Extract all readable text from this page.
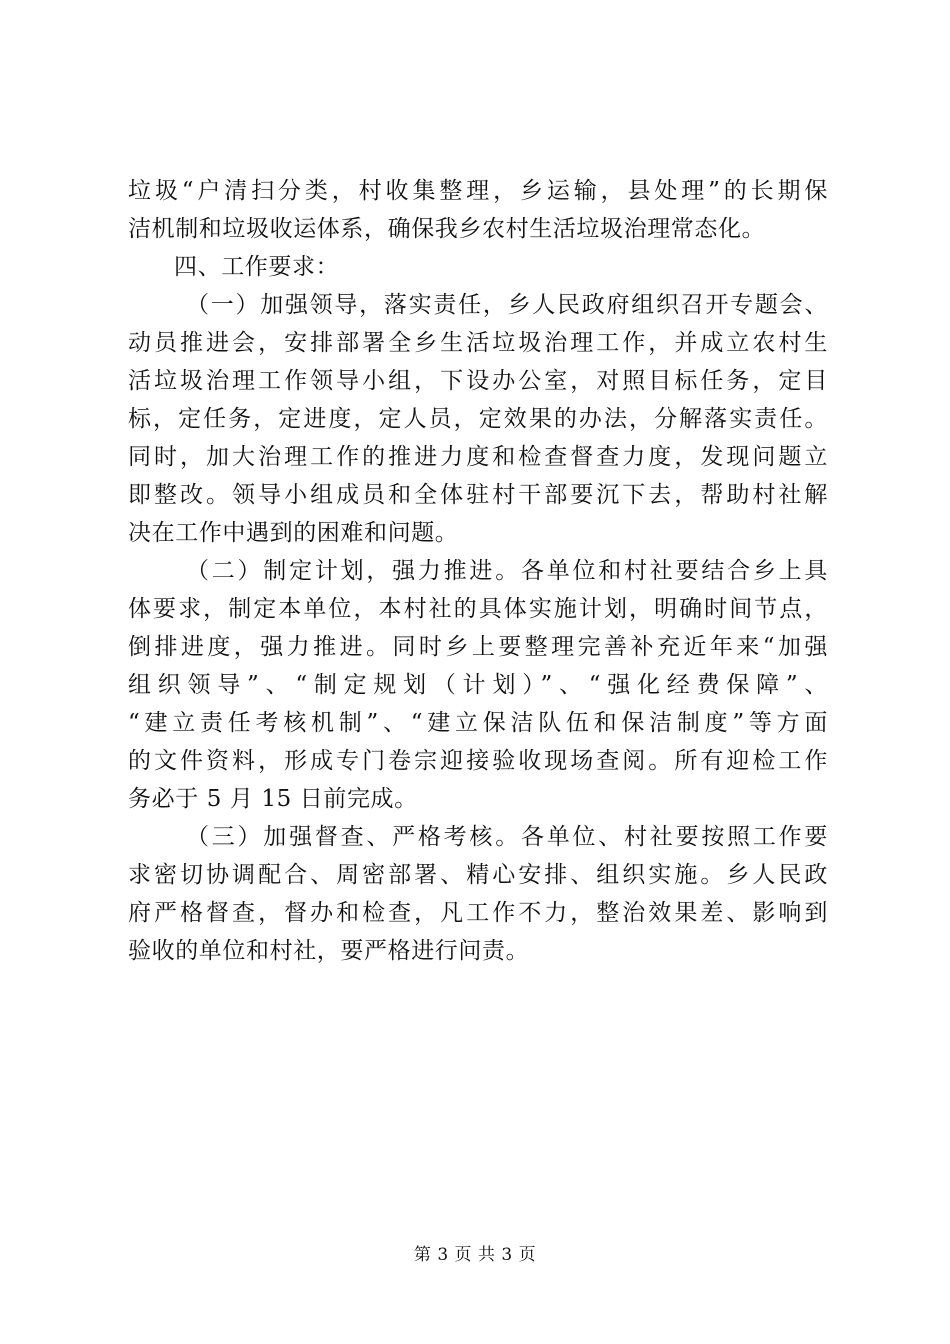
垃圾“户清扫分类，村收集整理，乡运输，县处理”的长期保
洁机制和垃圾收运体系，确保我乡农村生活垃圾治理常态化。
四、工作要求：
（一）加强领导，落实责任，乡人民政府组织召开专题会、
动员推进会，安排部署全乡生活垃圾治理工作，并成立农村生
活垃圾治理工作领导小组，下设办公室，对照目标任务，定目
标，定任务，定进度，定人员，定效果的办法，分解落实责任。
同时，加大治理工作的推进力度和检查督查力度，发现问题立
即整改。领导小组成员和全体驻村干部要沉下去，帮助村社解
决在工作中遇到的困难和问题。
（二）制定计划，强力推进。各单位和村社要结合乡上具
体要求，制定本单位，本村社的具体实施计划，明确时间节点，
倒排进度，强力推进。同时乡上要整理完善补充近年来“加强
组织领导”、“制定规划（计划）”、“强化经费保障”、
“建立责任考核机制”、“建立保洁队伍和保洁制度”等方面
的文件资料，形成专门卷宗迎接验收现场查阅。所有迎检工作
务必于 5 月 15 日前完成。
（三）加强督查、严格考核。各单位、村社要按照工作要
求密切协调配合、周密部署、精心安排、组织实施。乡人民政
府严格督查，督办和检查，凡工作不力，整治效果差、影响到
验收的单位和村社，要严格进行问责。
第 3 页 共 3 页
